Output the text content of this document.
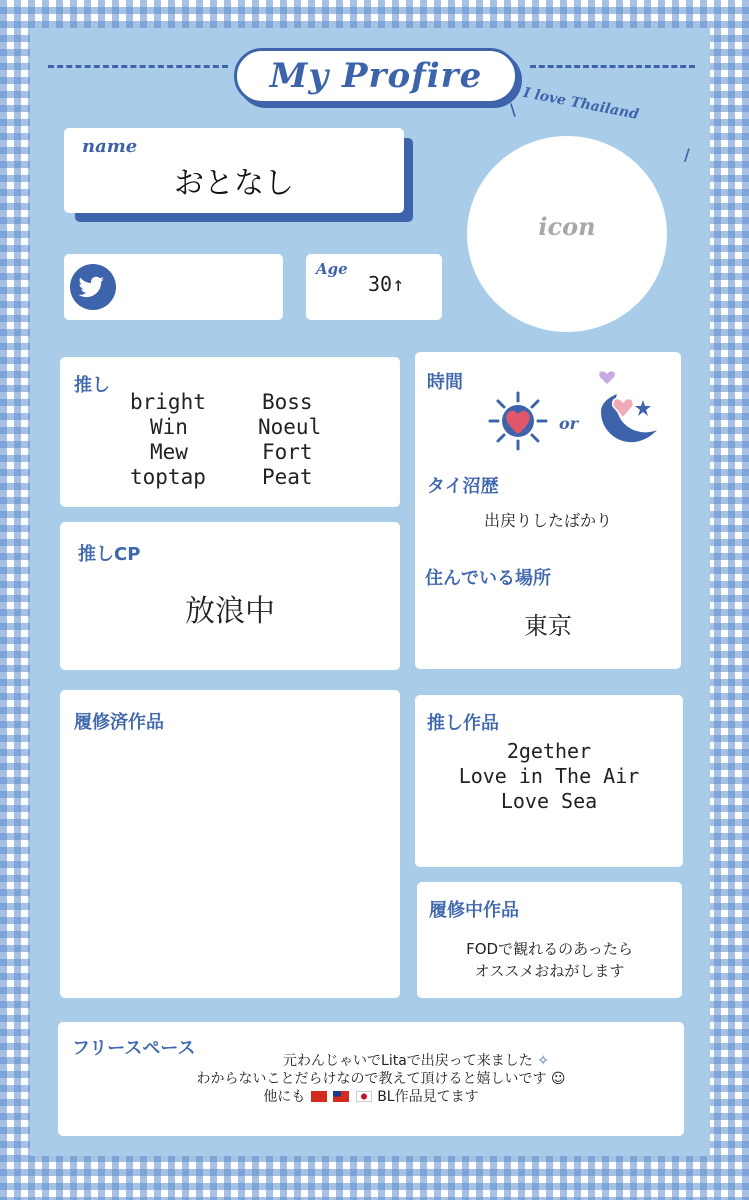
My Profire
\ I love Thailand
/
name
おとなし
icon
Age
30↑
推し
bright	Boss
Win	Noeul
Mew	Fort
toptap	Peat
時間
or
タイ沼歴
出戻りしたばかり
住んでいる場所
東京
推しCP
放浪中
履修済作品	推し作品
2gether
Love in The Air
Love Sea
履修中作品
FODで観れるのあったら
オススメおねがします
フリースペース
元わんじゃいでLitaで出戻って来ました ✧
わからないことだらけなので教えて頂けると嬉しいです ☺
他にも	BL作品見てます
